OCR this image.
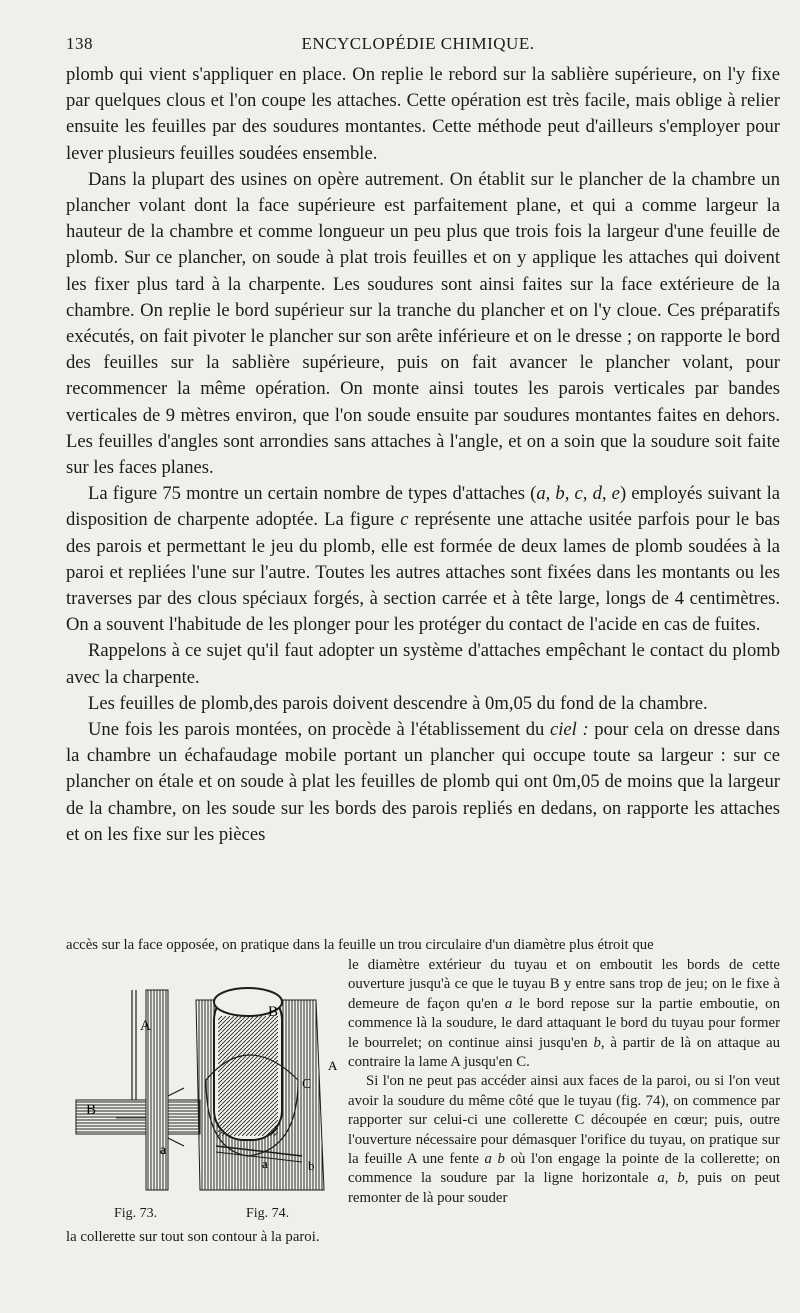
138	ENCYCLOPÉDIE CHIMIQUE.

plomb qui vient s'appliquer en place. On replie le rebord sur la sablière supérieure, on l'y fixe par quelques clous et l'on coupe les attaches. Cette opération est très facile, mais oblige à relier ensuite les feuilles par des soudures montantes. Cette méthode peut d'ailleurs s'employer pour lever plusieurs feuilles soudées ensemble.

Dans la plupart des usines on opère autrement. On établit sur le plancher de la chambre un plancher volant dont la face supérieure est parfaitement plane, et qui a comme largeur la hauteur de la chambre et comme longueur un peu plus que trois fois la largeur d'une feuille de plomb. Sur ce plancher, on soude à plat trois feuilles et on y applique les attaches qui doivent les fixer plus tard à la charpente. Les soudures sont ainsi faites sur la face extérieure de la chambre. On replie le bord supérieur sur la tranche du plancher et on l'y cloue. Ces préparatifs exécutés, on fait pivoter le plancher sur son arête inférieure et on le dresse ; on rapporte le bord des feuilles sur la sablière supérieure, puis on fait avancer le plancher volant, pour recommencer la même opération. On monte ainsi toutes les parois verticales par bandes verticales de 9 mètres environ, que l'on soude ensuite par soudures montantes faites en dehors. Les feuilles d'angles sont arrondies sans attaches à l'angle, et on a soin que la soudure soit faite sur les faces planes.

La figure 75 montre un certain nombre de types d'attaches (a, b, c, d, e) employés suivant la disposition de charpente adoptée. La figure c représente une attache usitée parfois pour le bas des parois et permettant le jeu du plomb, elle est formée de deux lames de plomb soudées à la paroi et repliées l'une sur l'autre. Toutes les autres attaches sont fixées dans les montants ou les traverses par des clous spéciaux forgés, à section carrée et à tête large, longs de 4 centimètres. On a souvent l'habitude de les plonger pour les protéger du contact de l'acide en cas de fuites.

Rappelons à ce sujet qu'il faut adopter un système d'attaches empêchant le contact du plomb avec la charpente.

Les feuilles de plomb,des parois doivent descendre à 0m,05 du fond de la chambre.

Une fois les parois montées, on procède à l'établissement du ciel : pour cela on dresse dans la chambre un échafaudage mobile portant un plancher qui occupe toute sa largeur : sur ce plancher on étale et on soude à plat les feuilles de plomb qui ont 0m,05 de moins que la largeur de la chambre, on les soude sur les bords des parois repliés en dedans, on rapporte les attaches et on les fixe sur les pièces

accès sur la face opposée, on pratique dans la feuille un trou circulaire d'un diamètre plus étroit que

A
B
a
B
C
A
b
a
Fig. 73.	Fig. 74.

le diamètre extérieur du tuyau et on emboutit les bords de cette ouverture jusqu'à ce que le tuyau B y entre sans trop de jeu; on le fixe à demeure de façon qu'en a le bord repose sur la partie emboutie, on commence là la soudure, le dard attaquant le bord du tuyau pour former le bourrelet; on continue ainsi jusqu'en b, à partir de là on attaque au contraire la lame A jusqu'en C.

Si l'on ne peut pas accéder ainsi aux faces de la paroi, ou si l'on veut avoir la soudure du même côté que le tuyau (fig. 74), on commence par rapporter sur celui-ci une collerette C découpée en cœur; puis, outre l'ouverture nécessaire pour démasquer l'orifice du tuyau, on pratique sur la feuille A une fente a b où l'on engage la pointe de la collerette; on commence la soudure par la ligne horizontale a, b, puis on peut remonter de là pour souder

la collerette sur tout son contour à la paroi.
